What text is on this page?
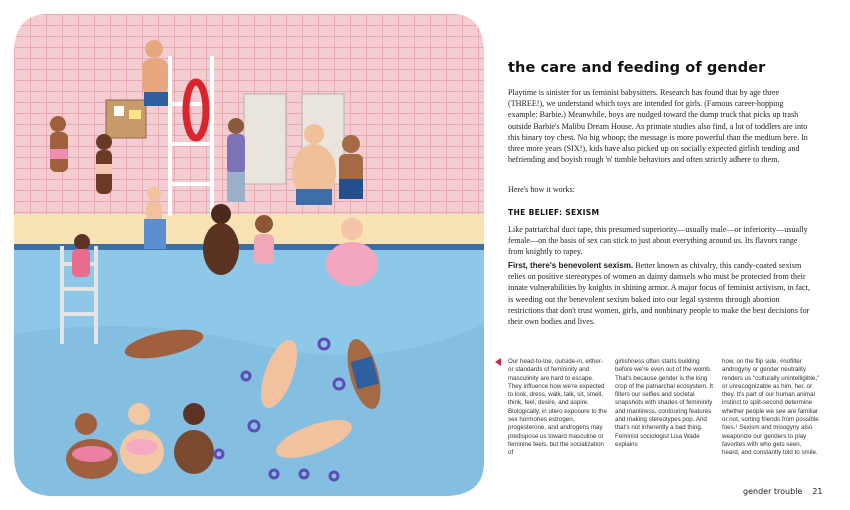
the care and feeding of gender

Playtime is sinister for us feminist babysitters. Research has found that by age three (THREE!), we understand which toys are intended for girls. (Famous career-hopping example: Barbie.) Meanwhile, boys are nudged toward the dump truck that picks up trash outside Barbie's Malibu Dream House. As primate studies also find, a lot of toddlers are into this binary toy chest. No big whoop; the message is more powerful than the medium here. In three more years (SIX!), kids have also picked up on socially expected girlish tending and befriending and boyish rough 'n' tumble behaviors and often strictly adhere to them.

Here's how it works:

THE BELIEF: SEXISM

Like patriarchal duct tape, this presumed superiority—usually male—or inferiority—usually female—on the basis of sex can stick to just about everything around us. Its flavors range from knightly to rapey.

First, there's benevolent sexism. Better known as chivalry, this candy-coated sexism relies on positive stereotypes of women as dainty damsels who must be protected from their innate vulnerabilities by knights in shining armor. A major focus of feminist activism, in fact, is weeding out the benevolent sexism baked into our legal systems through abortion restrictions that don't trust women, girls, and nonbinary people to make the best decisions for their own bodies and lives.

Our head-to-toe, outside-in, either-or standards of femininity and masculinity are hard to escape. They influence how we're expected to look, dress, walk, talk, sit, smell, think, feel, desire, and aspire. Biologically, in utero exposure to the sex hormones estrogen, progesterone, and androgens may predispose us toward masculine or feminine feels, but the socialization of

girlishness often starts building before we're even out of the womb. That's because gender is the king crop of the patriarchal ecosystem. It filters our selfies and societal snapshots with shades of femininity and manliness, contouring features and making stereotypes pop. And that's not inherently a bad thing. Feminist sociologist Lisa Wade explains

how, on the flip side, #nofilter androgyny or gender neutrality renders us "culturally unintelligible," or unrecognizable as him, her, or they. It's part of our human animal instinct to split-second determine whether people we see are familiar or not, sorting friends from possible foes.¹ Sexism and misogyny also weaponize our genders to play favorites with who gets seen, heard, and constantly told to smile.

gender trouble 21
